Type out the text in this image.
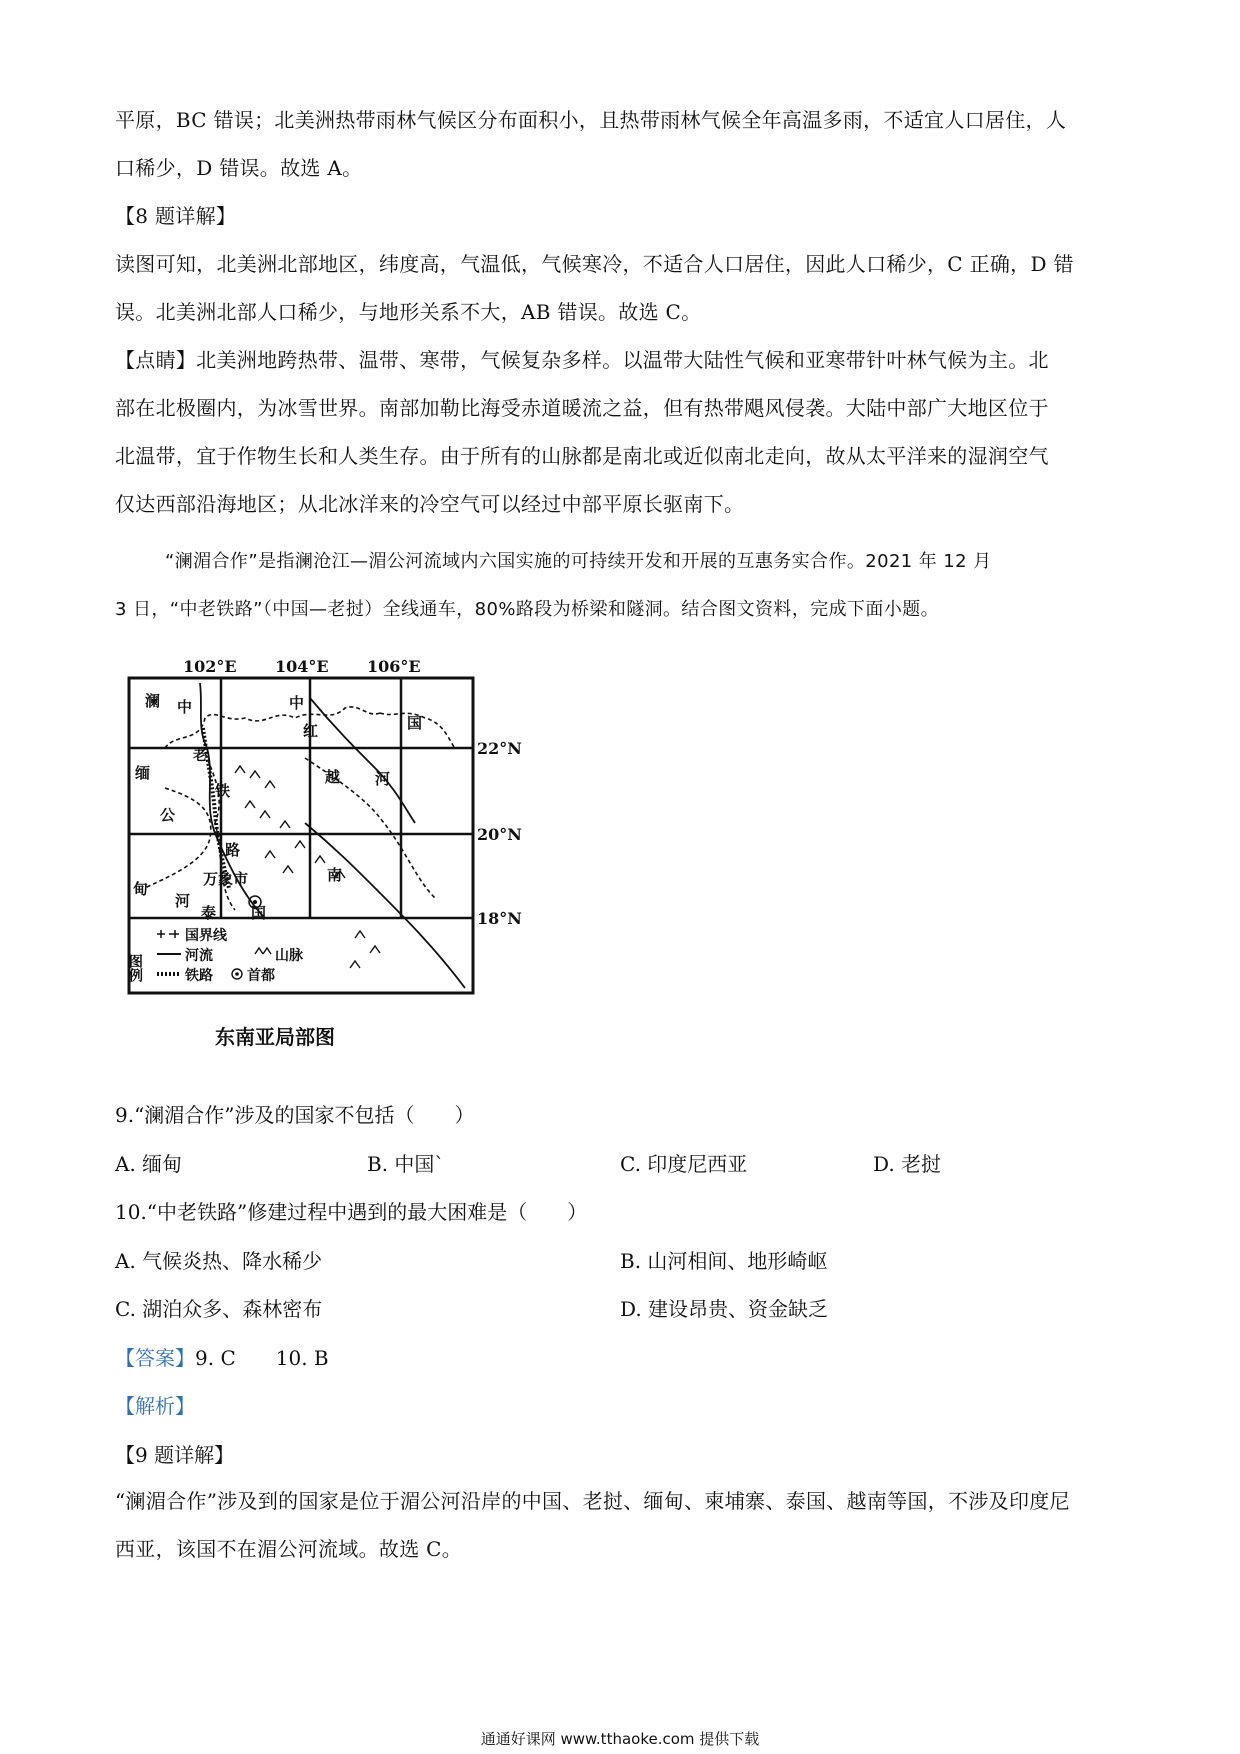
平原，BC 错误；北美洲热带雨林气候区分布面积小，且热带雨林气候全年高温多雨，不适宜人口居住，人
口稀少，D 错误。故选 A。
【8 题详解】
读图可知，北美洲北部地区，纬度高，气温低，气候寒冷，不适合人口居住，因此人口稀少，C 正确，D 错
误。北美洲北部人口稀少，与地形关系不大，AB 错误。故选 C。
【点睛】北美洲地跨热带、温带、寒带，气候复杂多样。以温带大陆性气候和亚寒带针叶林气候为主。北
部在北极圈内，为冰雪世界。南部加勒比海受赤道暖流之益，但有热带飓风侵袭。大陆中部广大地区位于
北温带，宜于作物生长和人类生存。由于所有的山脉都是南北或近似南北走向，故从太平洋来的湿润空气
仅达西部沿海地区；从北冰洋来的冷空气可以经过中部平原长驱南下。
“澜湄合作”是指澜沧江—湄公河流域内六国实施的可持续开发和开展的互惠务实合作。2021 年 12 月
3 日，“中老铁路”（中国—老挝）全线通车，80%路段为桥梁和隧洞。结合图文资料，完成下面小题。
102°E 104°E 106°E
22°N
20°N
18°N
澜 中
老
缅
铁
公
路
甸
河
泰 国
万象市
中
国
红
越 河
南
图例
国界线
河流	山脉
铁路 首都
东南亚局部图
9.“澜湄合作”涉及的国家不包括（　　）
A. 缅甸	B. 中国`	C. 印度尼西亚	D. 老挝
10.“中老铁路”修建过程中遇到的最大困难是（　　）
A. 气候炎热、降水稀少	B. 山河相间、地形崎岖
C. 湖泊众多、森林密布	D. 建设昂贵、资金缺乏
【答案】9. C　　10. B
【解析】
【9 题详解】
“澜湄合作”涉及到的国家是位于湄公河沿岸的中国、老挝、缅甸、柬埔寨、泰国、越南等国，不涉及印度尼
西亚，该国不在湄公河流域。故选 C。
通通好课网 www.tthaoke.com 提供下载
